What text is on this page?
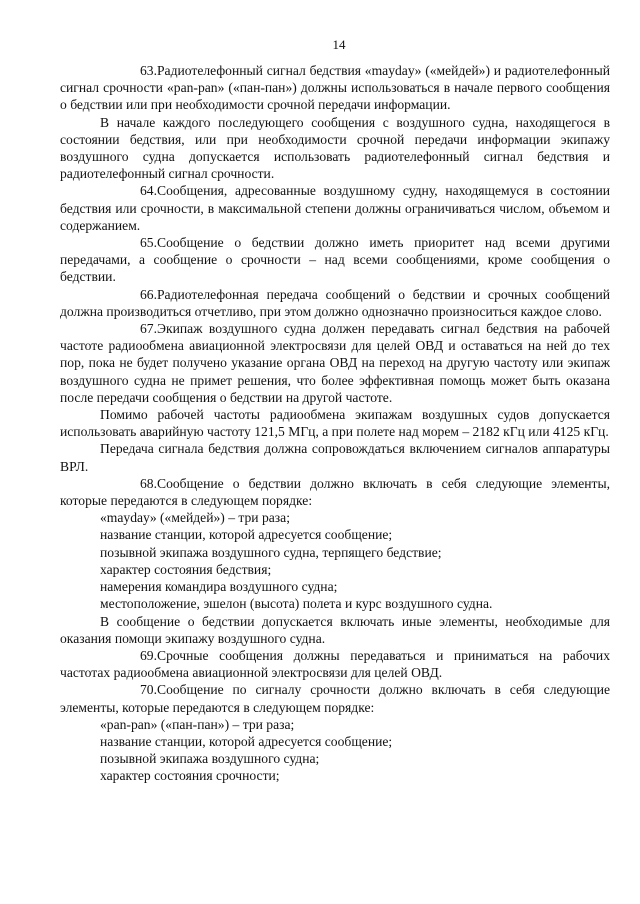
14

63.Радиотелефонный сигнал бедствия «mayday» («мейдей») и радиотелефонный сигнал срочности «pan-pan» («пан-пан») должны использоваться в начале первого сообщения о бедствии или при необходимости срочной передачи информации.

В начале каждого последующего сообщения с воздушного судна, находящегося в состоянии бедствия, или при необходимости срочной передачи информации экипажу воздушного судна допускается использовать радиотелефонный сигнал бедствия и радиотелефонный сигнал срочности.

64.Сообщения, адресованные воздушному судну, находящемуся в состоянии бедствия или срочности, в максимальной степени должны ограничиваться числом, объемом и содержанием.

65.Сообщение о бедствии должно иметь приоритет над всеми другими передачами, а сообщение о срочности – над всеми сообщениями, кроме сообщения о бедствии.

66.Радиотелефонная передача сообщений о бедствии и срочных сообщений должна производиться отчетливо, при этом должно однозначно произноситься каждое слово.

67.Экипаж воздушного судна должен передавать сигнал бедствия на рабочей частоте радиообмена авиационной электросвязи для целей ОВД и оставаться на ней до тех пор, пока не будет получено указание органа ОВД на переход на другую частоту или экипаж воздушного судна не примет решения, что более эффективная помощь может быть оказана после передачи сообщения о бедствии на другой частоте.

Помимо рабочей частоты радиообмена экипажам воздушных судов допускается использовать аварийную частоту 121,5 МГц, а при полете над морем – 2182 кГц или 4125 кГц.

Передача сигнала бедствия должна сопровождаться включением сигналов аппаратуры ВРЛ.

68.Сообщение о бедствии должно включать в себя следующие элементы, которые передаются в следующем порядке:

«mayday» («мейдей») – три раза;

название станции, которой адресуется сообщение;

позывной экипажа воздушного судна, терпящего бедствие;

характер состояния бедствия;

намерения командира воздушного судна;

местоположение, эшелон (высота) полета и курс воздушного судна.

В сообщение о бедствии допускается включать иные элементы, необходимые для оказания помощи экипажу воздушного судна.

69.Срочные сообщения должны передаваться и приниматься на рабочих частотах радиообмена авиационной электросвязи для целей ОВД.

70.Сообщение по сигналу срочности должно включать в себя следующие элементы, которые передаются в следующем порядке:

«pan-pan» («пан-пан») – три раза;

название станции, которой адресуется сообщение;

позывной экипажа воздушного судна;

характер состояния срочности;
